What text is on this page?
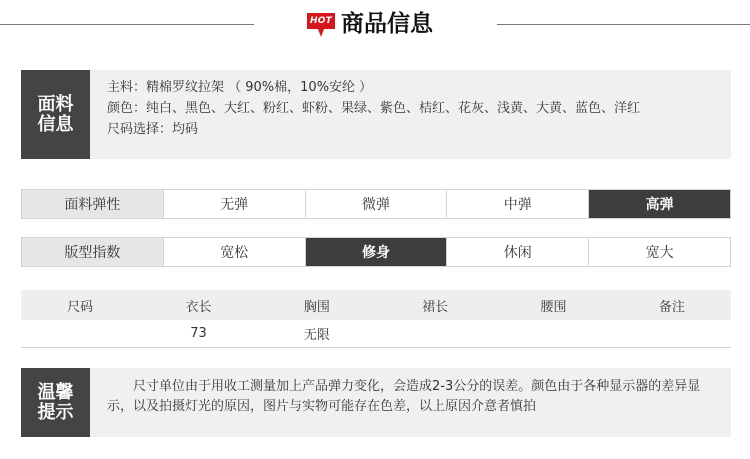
HOT 商品信息
面料
信息
主料：精棉罗纹拉架 （ 90%棉，10%安纶 ）
颜色：纯白、黑色、大红、粉红、虾粉、果绿、紫色、桔红、花灰、浅黄、大黄、蓝色、洋红
尺码选择：均码
面料弹性	无弹	微弹	中弹	高弹
版型指数	宽松	修身	休闲	宽大
尺码	衣长	胸围	裙长	腰围	备注
	73	无限			
温馨
提示
尺寸单位由于用收工测量加上产品弹力变化，会造成2-3公分的误差。颜色由于各种显示器的差异显示，以及拍摄灯光的原因，图片与实物可能存在色差，以上原因介意者慎拍
